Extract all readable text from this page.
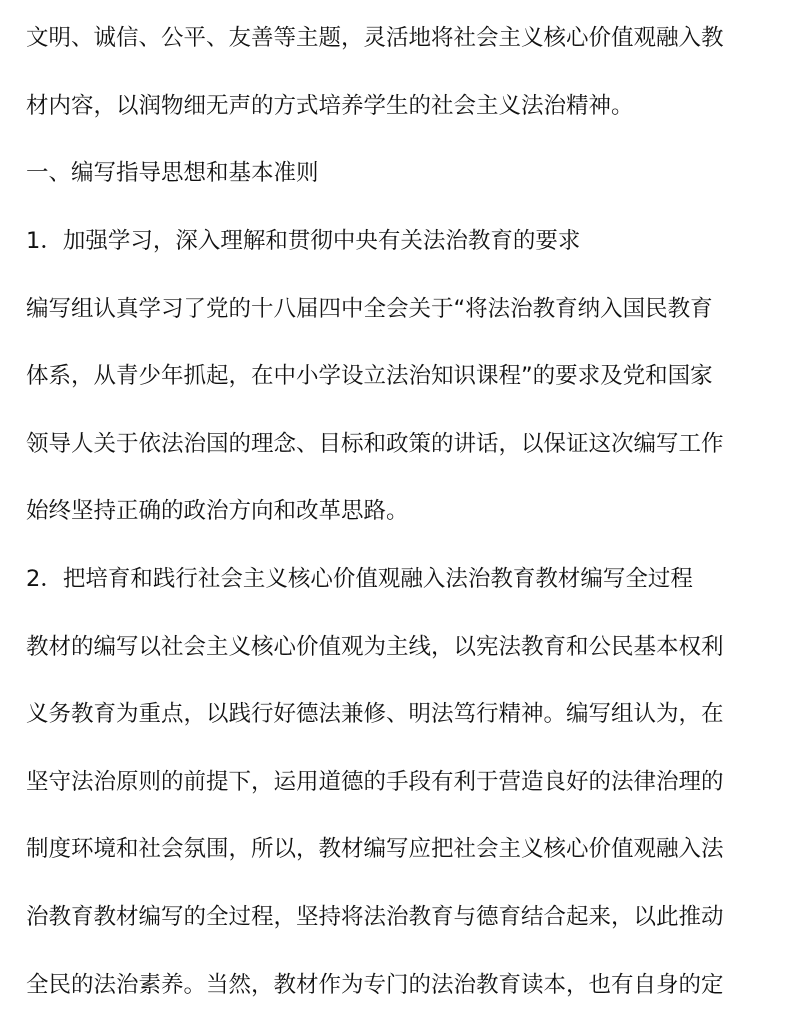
文明、诚信、公平、友善等主题，灵活地将社会主义核心价值观融入教
材内容，以润物细无声的方式培养学生的社会主义法治精神。
一、编写指导思想和基本准则
1．加强学习，深入理解和贯彻中央有关法治教育的要求
编写组认真学习了党的十八届四中全会关于“将法治教育纳入国民教育
体系，从青少年抓起，在中小学设立法治知识课程”的要求及党和国家
领导人关于依法治国的理念、目标和政策的讲话，以保证这次编写工作
始终坚持正确的政治方向和改革思路。
2．把培育和践行社会主义核心价值观融入法治教育教材编写全过程
教材的编写以社会主义核心价值观为主线，以宪法教育和公民基本权利
义务教育为重点，以践行好德法兼修、明法笃行精神。编写组认为，在
坚守法治原则的前提下，运用道德的手段有利于营造良好的法律治理的
制度环境和社会氛围，所以，教材编写应把社会主义核心价值观融入法
治教育教材编写的全过程，坚持将法治教育与德育结合起来，以此推动
全民的法治素养。当然，教材作为专门的法治教育读本，也有自身的定
